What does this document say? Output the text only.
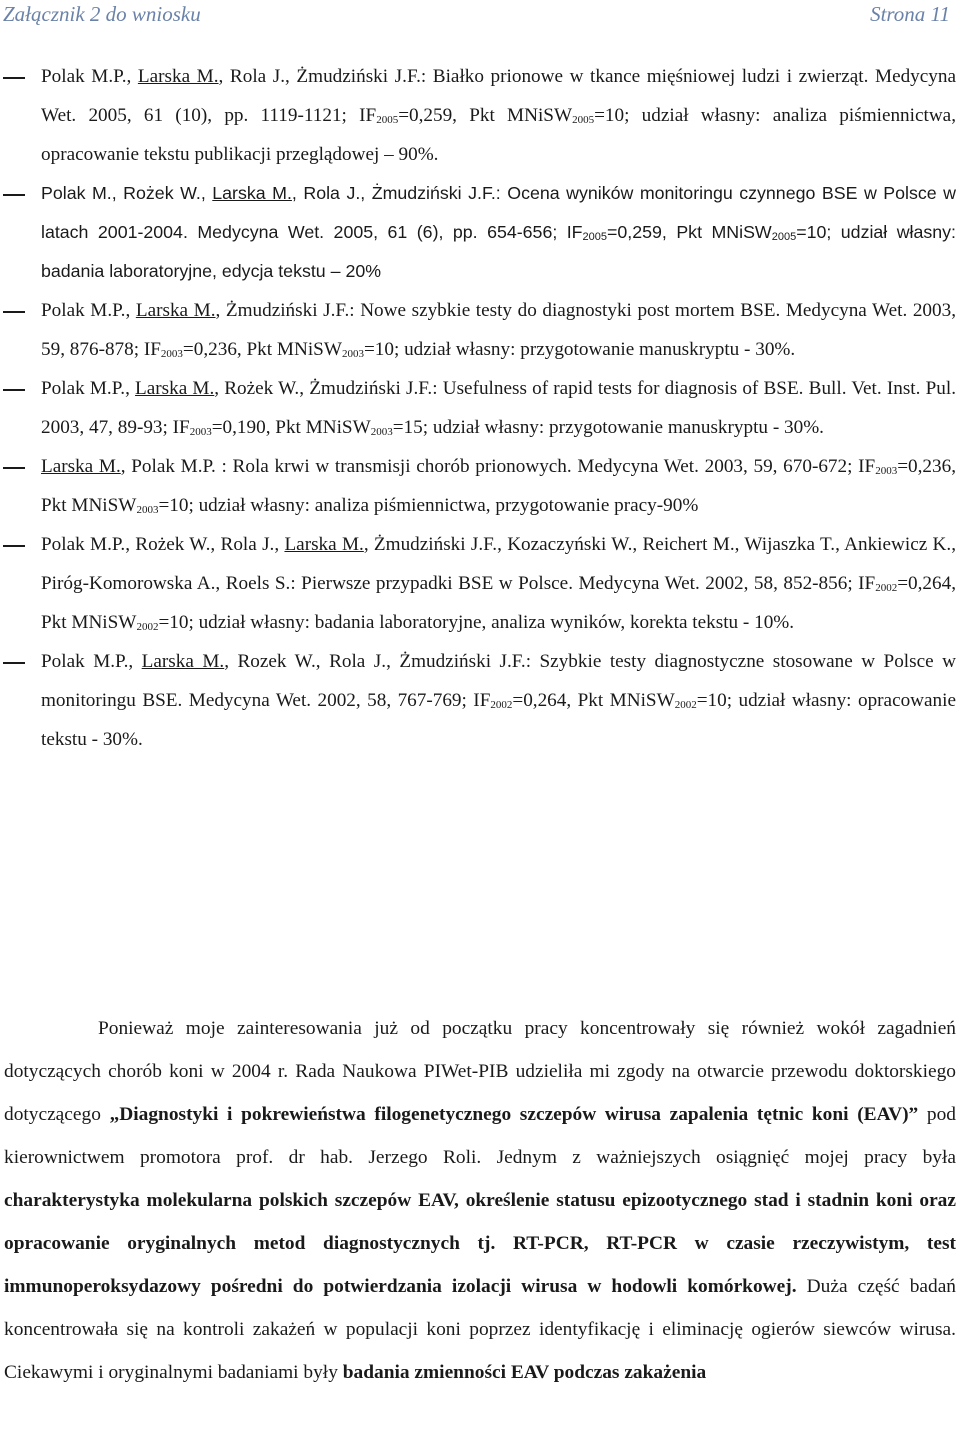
Załącznik 2 do wniosku	Strona 11
Polak M.P., Larska M., Rola J., Żmudziński J.F.: Białko prionowe w tkance mięśniowej ludzi i zwierząt. Medycyna Wet. 2005, 61 (10), pp. 1119-1121; $IF_{2005}=0,259$, Pkt MNiSW$_{2005}$=10; udział własny: analiza piśmiennictwa, opracowanie tekstu publikacji przeglądowej – 90%.
Polak M., Rożek W., Larska M., Rola J., Żmudziński J.F.: Ocena wyników monitoringu czynnego BSE w Polsce w latach 2001-2004. Medycyna Wet. 2005, 61 (6), pp. 654-656; $IF_{2005}=0,259$, Pkt MNiSW$_{2005}$=10; udział własny: badania laboratoryjne, edycja tekstu – 20%
Polak M.P., Larska M., Żmudziński J.F.: Nowe szybkie testy do diagnostyki post mortem BSE. Medycyna Wet. 2003, 59, 876-878; $IF_{2003}=0,236$, Pkt MNiSW$_{2003}$=10; udział własny: przygotowanie manuskryptu - 30%.
Polak M.P., Larska M., Rożek W., Żmudziński J.F.: Usefulness of rapid tests for diagnosis of BSE. Bull. Vet. Inst. Pul. 2003, 47, 89-93; $IF_{2003}=0,190$, Pkt MNiSW$_{2003}$=15; udział własny: przygotowanie manuskryptu - 30%.
Larska M., Polak M.P. : Rola krwi w transmisji chorób prionowych. Medycyna Wet. 2003, 59, 670-672; $IF_{2003}=0,236$, Pkt MNiSW$_{2003}$=10; udział własny: analiza piśmiennictwa, przygotowanie pracy-90%
Polak M.P., Rożek W., Rola J., Larska M., Żmudziński J.F., Kozaczyński W., Reichert M., Wijaszka T., Ankiewicz K., Piróg-Komorowska A., Roels S.: Pierwsze przypadki BSE w Polsce. Medycyna Wet. 2002, 58, 852-856; $IF_{2002}=0,264$, Pkt MNiSW$_{2002}$=10; udział własny: badania laboratoryjne, analiza wyników, korekta tekstu - 10%.
Polak M.P., Larska M., Rozek W., Rola J., Żmudziński J.F.: Szybkie testy diagnostyczne stosowane w Polsce w monitoringu BSE. Medycyna Wet. 2002, 58, 767-769; $IF_{2002}=0,264$, Pkt MNiSW$_{2002}$=10; udział własny: opracowanie tekstu - 30%.

Ponieważ moje zainteresowania już od początku pracy koncentrowały się również wokół zagadnień dotyczących chorób koni w 2004 r. Rada Naukowa PIWet-PIB udzieliła mi zgody na otwarcie przewodu doktorskiego dotyczącego „Diagnostyki i pokrewieństwa filogenetycznego szczepów wirusa zapalenia tętnic koni (EAV)” pod kierownictwem promotora prof. dr hab. Jerzego Roli. Jednym z ważniejszych osiągnięć mojej pracy była charakterystyka molekularna polskich szczepów EAV, określenie statusu epizootycznego stad i stadnin koni oraz opracowanie oryginalnych metod diagnostycznych tj. RT-PCR, RT-PCR w czasie rzeczywistym, test immunoperoksydazowy pośredni do potwierdzania izolacji wirusa w hodowli komórkowej. Duża część badań koncentrowała się na kontroli zakażeń w populacji koni poprzez identyfikację i eliminację ogierów siewców wirusa. Ciekawymi i oryginalnymi badaniami były badania zmienności EAV podczas zakażenia
